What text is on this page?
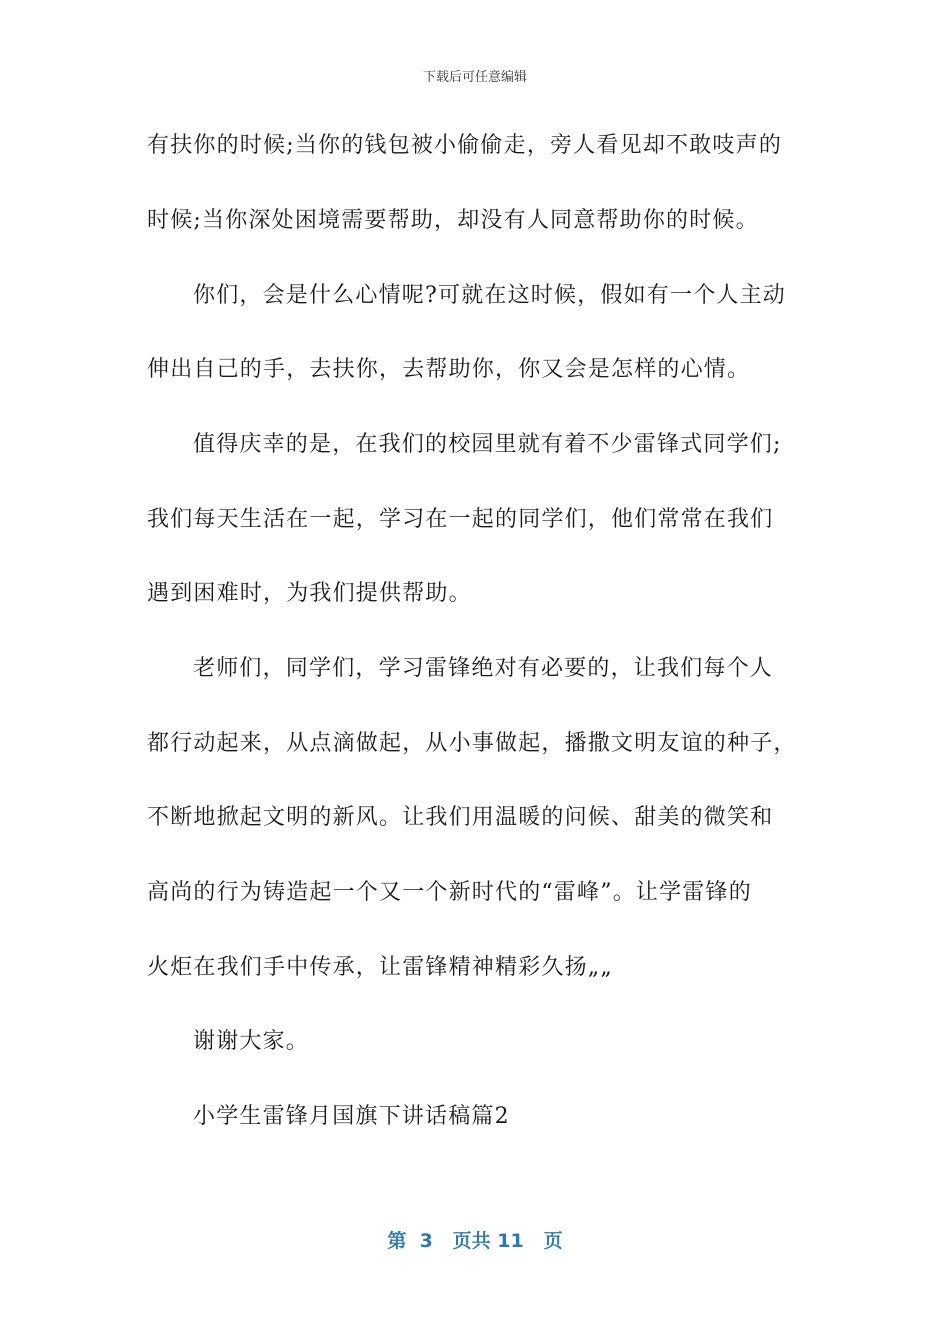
下载后可任意编辑
有扶你的时候;当你的钱包被小偷偷走，旁人看见却不敢吱声的
时候;当你深处困境需要帮助，却没有人同意帮助你的时候。
你们，会是什么心情呢?可就在这时候，假如有一个人主动
伸出自己的手，去扶你，去帮助你，你又会是怎样的心情。
值得庆幸的是，在我们的校园里就有着不少雷锋式同学们;
我们每天生活在一起，学习在一起的同学们，他们常常在我们
遇到困难时，为我们提供帮助。
老师们，同学们，学习雷锋绝对有必要的，让我们每个人
都行动起来，从点滴做起，从小事做起，播撒文明友谊的种子，
不断地掀起文明的新风。让我们用温暖的问候、甜美的微笑和
高尚的行为铸造起一个又一个新时代的“雷峰”。让学雷锋的
火炬在我们手中传承，让雷锋精神精彩久扬„„
谢谢大家。
小学生雷锋月国旗下讲话稿篇2
第  3   页共 11   页
